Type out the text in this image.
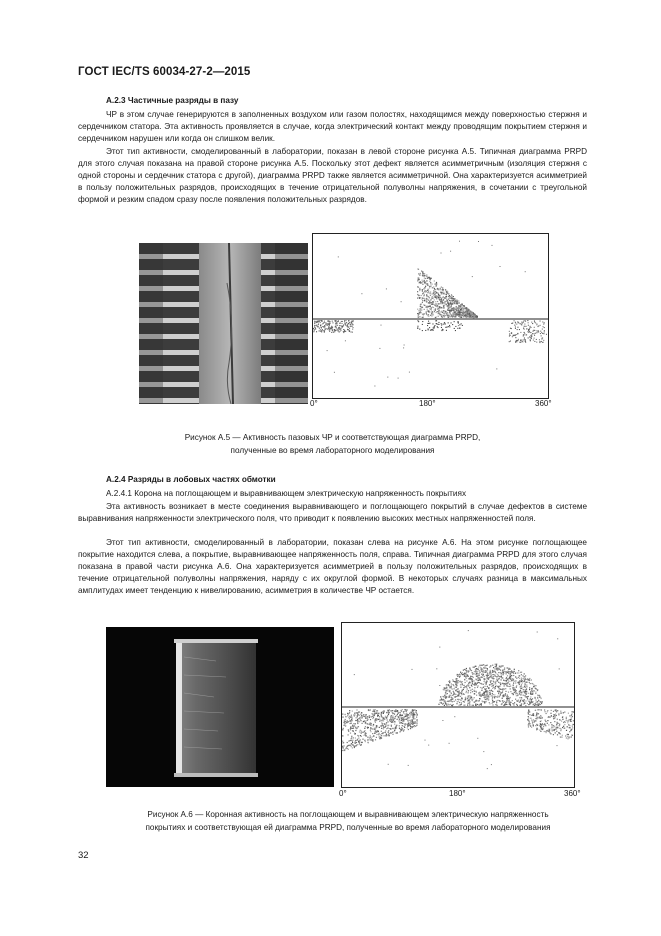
ГОСТ IEC/TS 60034-27-2—2015
A.2.3 Частичные разряды в пазу

ЧР в этом случае генерируются в заполненных воздухом или газом полостях, находящимся между поверхностью стержня и сердечником статора. Эта активность проявляется в случае, когда электрический контакт между проводящим покрытием стержня и сердечником нарушен или когда он слишком велик.

Этот тип активности, смоделированный в лаборатории, показан в левой стороне рисунка А.5. Типичная диаграмма PRPD для этого случая показана на правой стороне рисунка А.5. Поскольку этот дефект является асимметричным (изоляция стержня с одной стороны и сердечник статора с другой), диаграмма PRPD также является асимметричной. Она характеризуется асимметрией в пользу положительных разрядов, происходящих в течение отрицательной полуволны напряжения, в сочетании с треугольной формой и резким спадом сразу после появления положительных разрядов.

0°	180°	360°
Рисунок А.5 — Активность пазовых ЧР и соответствующая диаграмма PRPD,
полученные во время лабораторного моделирования
A.2.4 Разряды в лобовых частях обмотки
A.2.4.1 Корона на поглощающем и выравнивающем электрическую напряженность покрытиях

Эта активность возникает в месте соединения выравнивающего и поглощающего покрытий в случае дефектов в системе выравнивания напряженности электрического поля, что приводит к появлению высоких местных напряженностей поля.

Этот тип активности, смоделированный в лаборатории, показан слева на рисунке А.6. На этом рисунке поглощающее покрытие находится слева, а покрытие, выравнивающее напряженность поля, справа. Типичная диаграмма PRPD для этого случая показана в правой части рисунка А.6. Она характеризуется асимметрией в пользу положительных разрядов, происходящих в течение отрицательной полуволны напряжения, наряду с их округлой формой. В некоторых случаях разница в максимальных амплитудах имеет тенденцию к нивелированию, асимметрия в количестве ЧР остается.

0°	180°	360°
Рисунок А.6 — Коронная активность на поглощающем и выравнивающем электрическую напряженность
покрытиях и соответствующая ей диаграмма PRPD, полученные во время лабораторного моделирования
32
